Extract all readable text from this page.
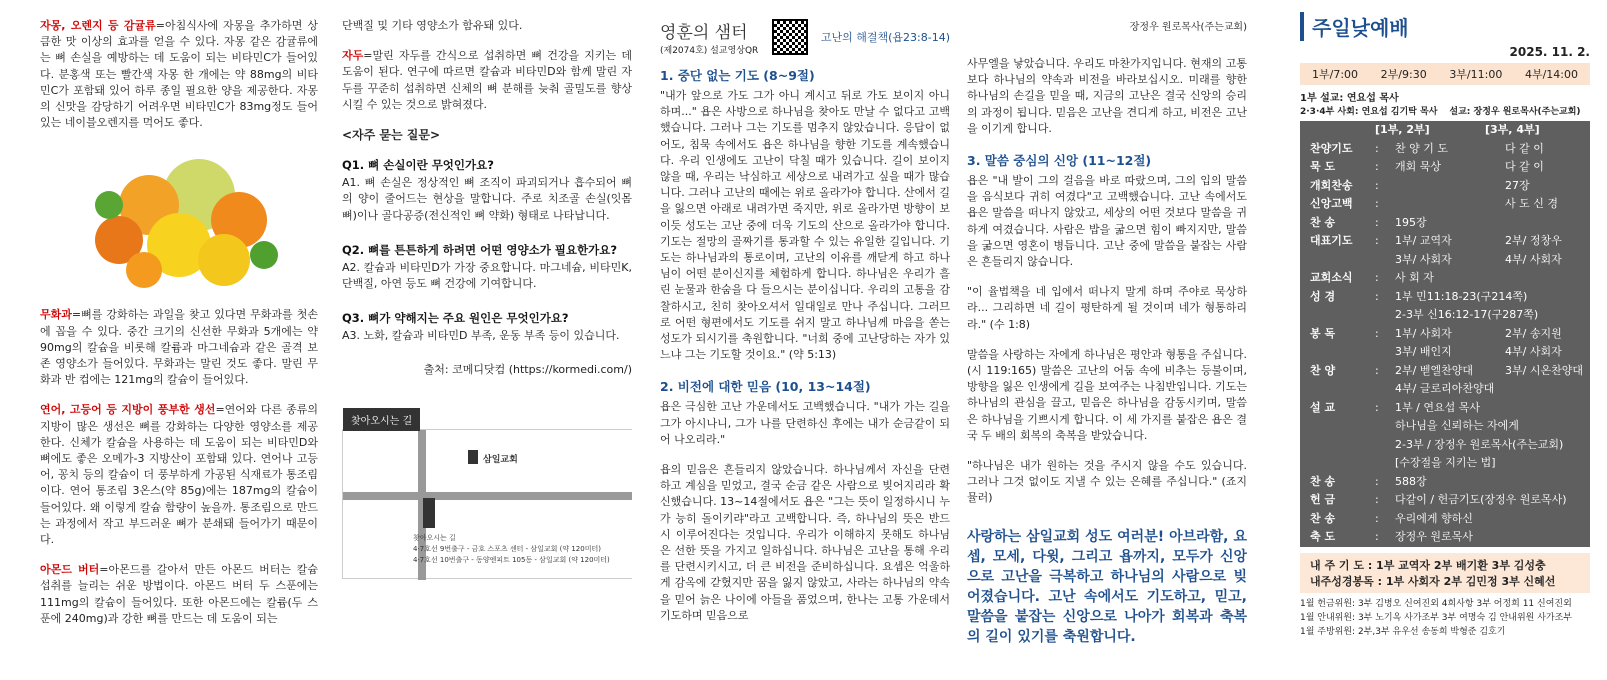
자몽, 오렌지 등 감귤류=아침식사에 자몽을 추가하면 상큼한 맛 이상의 효과를 얻을 수 있다. 자몽 같은 감귤류에는 뼈 손실을 예방하는 데 도움이 되는 비타민C가 들어있다. 분홍색 또는 빨간색 자몽 한 개에는 약 88mg의 비타민C가 포함돼 있어 하루 종일 필요한 양을 제공한다. 자몽의 신맛을 감당하기 어려우면 비타민C가 83mg정도 들어있는 네이블오렌지를 먹어도 좋다.

무화과=뼈를 강화하는 과일을 찾고 있다면 무화과를 첫손에 꼽을 수 있다. 중간 크기의 신선한 무화과 5개에는 약 90mg의 칼슘을 비롯해 칼륨과 마그네슘과 같은 골격 보존 영양소가 들어있다. 무화과는 말린 것도 좋다. 말린 무화과 반 컵에는 121mg의 칼슘이 들어있다.

연어, 고등어 등 지방이 풍부한 생선=연어와 다른 종류의 지방이 많은 생선은 뼈를 강화하는 다양한 영양소를 제공한다. 신체가 칼슘을 사용하는 데 도움이 되는 비타민D와 뼈에도 좋은 오메가-3 지방산이 포함돼 있다. 연어나 고등어, 꽁치 등의 칼슘이 더 풍부하게 가공된 식재료가 통조림이다. 연어 통조림 3온스(약 85g)에는 187mg의 칼슘이 들어있다. 왜 이렇게 칼슘 함량이 높을까. 통조림으로 만드는 과정에서 작고 부드러운 뼈가 분쇄돼 들어가기 때문이다.

아몬드 버터=아몬드를 갈아서 만든 아몬드 버터는 칼슘 섭취를 늘리는 쉬운 방법이다. 아몬드 버터 두 스푼에는 111mg의 칼슘이 들어있다. 또한 아몬드에는 칼륨(두 스푼에 240mg)과 강한 뼈를 만드는 데 도움이 되는

단백질 및 기타 영양소가 함유돼 있다.

자두=말린 자두를 간식으로 섭취하면 뼈 건강을 지키는 데 도움이 된다. 연구에 따르면 칼슘과 비타민D와 함께 말린 자두를 꾸준히 섭취하면 신체의 뼈 분해를 늦춰 골밀도를 향상시킬 수 있는 것으로 밝혀졌다.

<자주 묻는 질문>

Q1. 뼈 손실이란 무엇인가요?

A1. 뼈 손실은 정상적인 뼈 조직이 파괴되거나 흡수되어 뼈의 양이 줄어드는 현상을 말합니다. 주로 치조골 손실(잇몸 뼈)이나 골다공증(전신적인 뼈 약화) 형태로 나타납니다.

Q2. 뼈를 튼튼하게 하려면 어떤 영양소가 필요한가요?

A2. 칼슘과 비타민D가 가장 중요합니다. 마그네슘, 비타민K, 단백질, 아연 등도 뼈 건강에 기여합니다.

Q3. 뼈가 약해지는 주요 원인은 무엇인가요?

A3. 노화, 칼슘과 비타민D 부족, 운동 부족 등이 있습니다.

출처: 코메디닷컴 (https://kormedi.com/)

찾아오시는 길
삼일교회
찾아오시는 길
4·7호선 9번출구 - 금호 스포츠 센터 - 삼일교회 (약 120미터)
4·7호선 10번출구 - 동양엔피트 105동 - 삼일교회 (약 120미터)
영훈의 샘터
(제2074호) 설교영상QR
고난의 해결책(욥23:8-14)
1. 중단 없는 기도 (8~9절)

"내가 앞으로 가도 그가 아니 계시고 뒤로 가도 보이지 아니하며..." 욥은 사방으로 하나님을 찾아도 만날 수 없다고 고백했습니다. 그러나 그는 기도를 멈추지 않았습니다. 응답이 없어도, 침묵 속에서도 욥은 하나님을 향한 기도를 계속했습니다. 우리 인생에도 고난이 닥칠 때가 있습니다. 길이 보이지 않을 때, 우리는 낙심하고 세상으로 내려가고 싶을 때가 많습니다. 그러나 고난의 때에는 위로 올라가야 합니다. 산에서 길을 잃으면 아래로 내려가면 죽지만, 위로 올라가면 방향이 보이듯 성도는 고난 중에 더욱 기도의 산으로 올라가야 합니다. 기도는 절망의 골짜기를 통과할 수 있는 유일한 길입니다. 기도는 하나님과의 통로이며, 고난의 이유를 깨닫게 하고 하나님이 어떤 분이신지를 체험하게 합니다. 하나님은 우리가 흘린 눈물과 한숨을 다 들으시는 분이십니다. 우리의 고통을 감찰하시고, 친히 찾아오셔서 일대일로 만나 주십니다. 그러므로 어떤 형편에서도 기도를 쉬지 말고 하나님께 마음을 쏟는 성도가 되시기를 축원합니다. "너희 중에 고난당하는 자가 있느냐 그는 기도할 것이요." (약 5:13)

2. 비전에 대한 믿음 (10, 13~14절)

욥은 극심한 고난 가운데서도 고백했습니다. "내가 가는 길을 그가 아시나니, 그가 나를 단련하신 후에는 내가 순금같이 되어 나오리라."

욥의 믿음은 흔들리지 않았습니다. 하나님께서 자신을 단련하고 계심을 믿었고, 결국 순금 같은 사람으로 빚어지리라 확신했습니다. 13~14절에서도 욥은 "그는 뜻이 일정하시니 누가 능히 돌이키랴"라고 고백합니다. 즉, 하나님의 뜻은 반드시 이루어진다는 것입니다. 우리가 이해하지 못해도 하나님은 선한 뜻을 가지고 일하십니다. 하나님은 고난을 통해 우리를 단련시키시고, 더 큰 비전을 준비하십니다. 요셉은 억울하게 감옥에 갇혔지만 꿈을 잃지 않았고, 사라는 하나님의 약속을 믿어 늙은 나이에 아들을 품었으며, 한나는 고통 가운데서 기도하며 믿음으로

장정우 원로목사(주는교회)

사무엘을 낳았습니다. 우리도 마찬가지입니다. 현재의 고통보다 하나님의 약속과 비전을 바라보십시오. 미래를 향한 하나님의 손길을 믿을 때, 지금의 고난은 결국 신앙의 승리의 과정이 됩니다. 믿음은 고난을 견디게 하고, 비전은 고난을 이기게 합니다.

3. 말씀 중심의 신앙 (11~12절)

욥은 "내 발이 그의 걸음을 바로 따랐으며, 그의 입의 말씀을 음식보다 귀히 여겼다"고 고백했습니다. 고난 속에서도 욥은 말씀을 떠나지 않았고, 세상의 어떤 것보다 말씀을 귀하게 여겼습니다. 사람은 밥을 굶으면 힘이 빠지지만, 말씀을 굶으면 영혼이 병듭니다. 고난 중에 말씀을 붙잡는 사람은 흔들리지 않습니다.

"이 율법책을 네 입에서 떠나지 말게 하며 주야로 묵상하라... 그리하면 네 길이 평탄하게 될 것이며 네가 형통하리라." (수 1:8)

말씀을 사랑하는 자에게 하나님은 평안과 형통을 주십니다. (시 119:165) 말씀은 고난의 어둠 속에 비추는 등불이며, 방향을 잃은 인생에게 길을 보여주는 나침반입니다. 기도는 하나님의 관심을 끌고, 믿음은 하나님을 감동시키며, 말씀은 하나님을 기쁘시게 합니다. 이 세 가지를 붙잡은 욥은 결국 두 배의 회복의 축복을 받았습니다.

"하나님은 내가 원하는 것을 주시지 않을 수도 있습니다. 그러나 그것 없이도 지낼 수 있는 은혜를 주십니다." (죠지 뮬러)

사랑하는 삼일교회 성도 여러분! 아브라함, 요셉, 모세, 다윗, 그리고 욥까지, 모두가 신앙으로 고난을 극복하고 하나님의 사람으로 빚어졌습니다. 고난 속에서도 기도하고, 믿고, 말씀을 붙잡는 신앙으로 나아가 회복과 축복의 길이 있기를 축원합니다.

주일낮예배
2025. 11. 2.
1부/7:00 2부/9:30 3부/11:00 4부/14:00
1부 설교: 연요섭 목사
2·3·4부 사회: 연요섭 김기탁 목사 설교: 장정우 원로목사(주는교회)
[1부, 2부]	[3부, 4부]
찬양기도	:	찬 양 기 도	다 같 이
묵 도	:	개회 묵상	다 같 이
개회찬송	:	27장
신앙고백	:	사 도 신 경
찬 송	:	195장
대표기도	:	1부/ 교역자	2부/ 정창우
3부/ 사회자	4부/ 사회자
교회소식	:	사 회 자
성 경	:	1부 민11:18-23(구214쪽)
2-3부 신16:12-17(구287쪽)
봉 독	:	1부/ 사회자	2부/ 송지원
3부/ 배인지	4부/ 사회자
찬 양	:	2부/ 벧엘찬양대	3부/ 시온찬양대
4부/ 글로리아찬양대
설 교	:	1부 / 연요섭 목사
하나님을 신뢰하는 자에게
2-3부 / 장정우 원로목사(주는교회)
[수장절을 지키는 법]
찬 송	:	588장
헌 금	:	다같이 / 헌금기도(장정우 원로목사)
찬 송	:	우리에게 향하신
축 도	:	장정우 원로목사
내 주 기 도 : 1부 교역자 2부 배기환 3부 김성충
내주성경봉독 : 1부 사회자 2부 김민정 3부 신혜선
1월 헌금위원: 3부 김병오 신여진외 4희사항 3부 어정희 11 신여진외
1월 안내위원: 3부 노기옥 사가조부 3부 여명숙 김 안내위원 사가조부
1월 주방위원: 2부,3부 유우선 송동희 박형준 김호기
